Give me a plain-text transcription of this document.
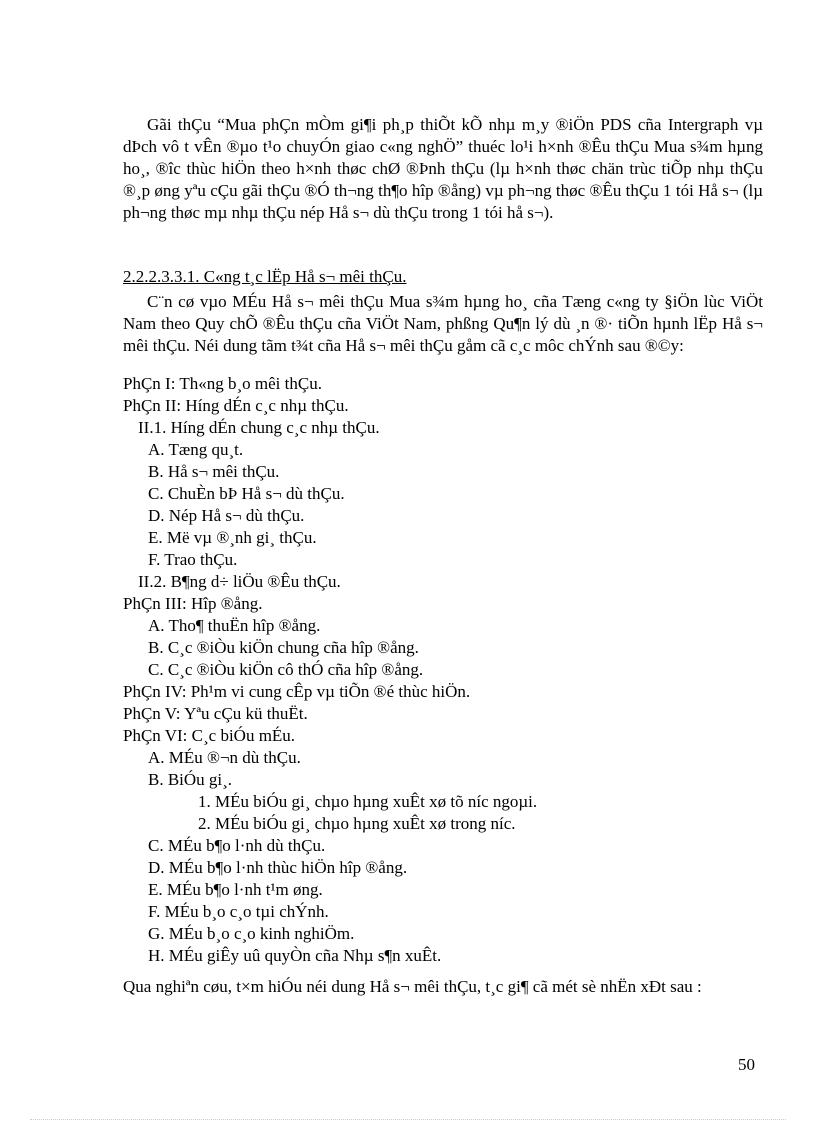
Gãi thÇu “Mua phÇn mÒm gi¶i ph¸p thiÕt kÕ nhµ m¸y ®iÖn PDS cña Intergraph vµ dÞch vô t vÊn ®µo t¹o chuyÓn giao c«ng nghÖ” thuéc lo¹i h×nh ®Êu thÇu Mua s¾m hµng ho¸, ®îc thùc hiÖn theo h×nh thøc chØ ®Þnh thÇu (lµ h×nh thøc chän trùc tiÕp nhµ thÇu ®¸p øng yªu cÇu gãi thÇu ®Ó th¬ng th¶o hîp ®ång) vµ ph¬ng thøc ®Êu thÇu 1 tói Hå s¬ (lµ ph¬ng thøc mµ nhµ thÇu nép Hå s¬ dù thÇu trong 1 tói hå s¬).

2.2.2.3.3.1. C«ng t¸c lËp Hå s¬ mêi thÇu.

C¨n cø vµo MÉu Hå s¬ mêi thÇu Mua s¾m hµng ho¸ cña Tæng c«ng ty §iÖn lùc ViÖt Nam theo Quy chÕ ®Êu thÇu cña ViÖt Nam, phßng Qu¶n lý dù ¸n ®· tiÕn hµnh lËp Hå s¬ mêi thÇu. Néi dung tãm t¾t cña Hå s¬ mêi thÇu gåm cã c¸c môc chÝnh sau ®©y:

PhÇn I: Th«ng b¸o mêi thÇu.
PhÇn II: Híng dÉn c¸c nhµ thÇu.
II.1. Híng dÉn chung c¸c nhµ thÇu.
A. Tæng qu¸t.
B. Hå s¬ mêi thÇu.
C. ChuÈn bÞ Hå s¬ dù thÇu.
D. Nép Hå s¬ dù thÇu.
E. Më vµ ®¸nh gi¸ thÇu.
F. Trao thÇu.
II.2. B¶ng d÷ liÖu ®Êu thÇu.
PhÇn III: Hîp ®ång.
A. Tho¶ thuËn hîp ®ång.
B. C¸c ®iÒu kiÖn chung cña hîp ®ång.
C. C¸c ®iÒu kiÖn cô thÓ cña hîp ®ång.
PhÇn IV: Ph¹m vi cung cÊp vµ tiÕn ®é thùc hiÖn.
PhÇn V: Yªu cÇu kü thuËt.
PhÇn VI: C¸c biÓu mÉu.
A. MÉu ®¬n dù thÇu.
B. BiÓu gi¸.
1. MÉu biÓu gi¸ chµo hµng xuÊt xø tõ níc ngoµi.
2. MÉu biÓu gi¸ chµo hµng xuÊt xø trong níc.
C. MÉu b¶o l·nh dù thÇu.
D. MÉu b¶o l·nh thùc hiÖn hîp ®ång.
E. MÉu b¶o l·nh t¹m øng.
F. MÉu b¸o c¸o tµi chÝnh.
G. MÉu b¸o c¸o kinh nghiÖm.
H. MÉu giÊy uû quyÒn cña Nhµ s¶n xuÊt.

Qua nghiªn cøu, t×m hiÓu néi dung Hå s¬ mêi thÇu, t¸c gi¶ cã mét sè nhËn xÐt sau :

50
